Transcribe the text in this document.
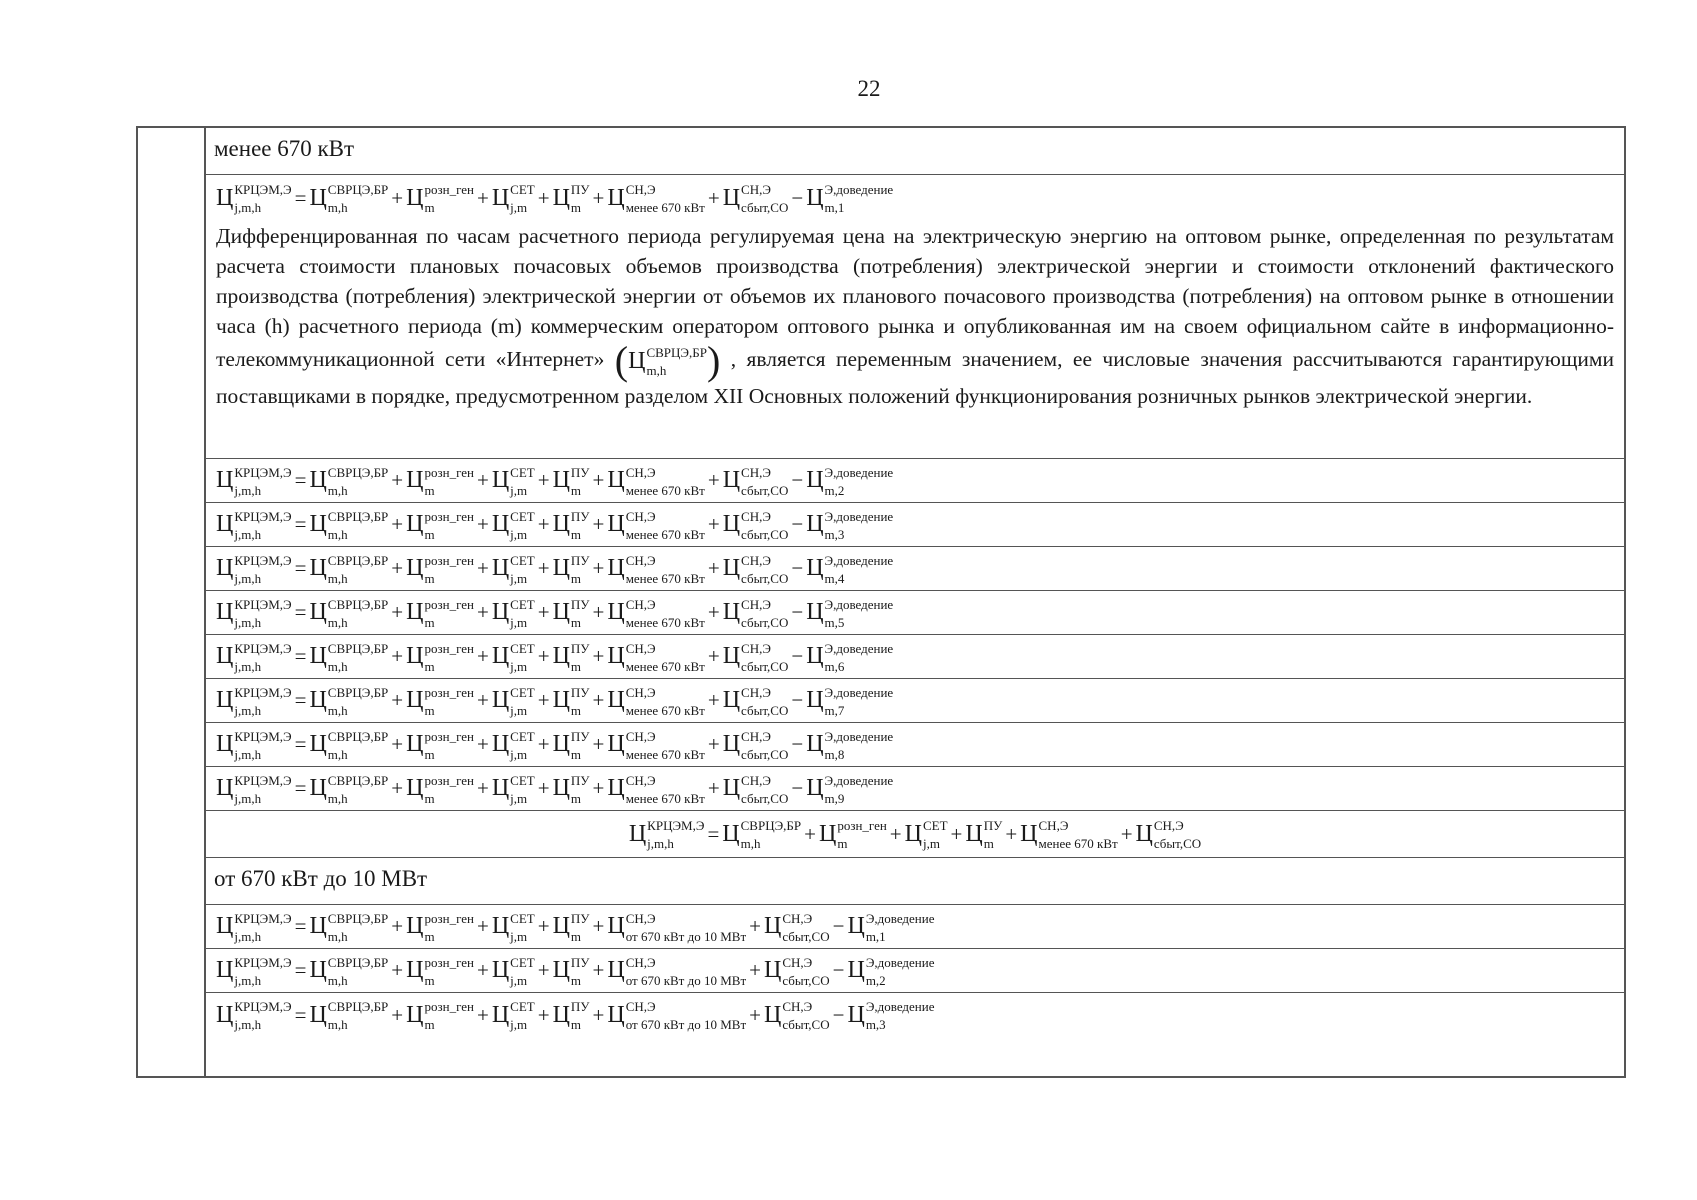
22
менее 670 кВт
Ц КРЦЭМ,Э
j,m,h	= Ц СВРЦЭ,БР
m,h	+ Ц розн_ген
m	+ Ц СЕТ
j,m + Ц ПУ
m + Ц СН,Э
менее 670 кВт + Ц СН,Э
сбыт,СО − Ц Э,доведение
m,1
Дифференцированная по часам расчетного периода регулируемая цена на электрическую энергию на оптовом рынке, определенная по результатам расчета стоимости плановых почасовых объемов производства (потребления) электрической энергии и стоимости отклонений фактического производства (потребления) электрической энергии от объемов их планового почасового производства (потребления) на оптовом рынке в отношении часа (h) расчетного периода (m) коммерческим оператором оптового рынка и опубликованная им на своем официальном сайте в информационно-телекоммуникационной сети «Интернет» ( Ц СВРЦЭ,БР
m,h	) , является переменным значением, ее числовые значения рассчитываются гарантирующими поставщиками в порядке, предусмотренном разделом XII Основных положений функционирования розничных рынков электрической энергии.
Ц КРЦЭМ,Э
j,m,h	= Ц СВРЦЭ,БР
m,h	+ Ц розн_ген
m	+ Ц СЕТ
j,m + Ц ПУ
m + Ц СН,Э
менее 670 кВт + Ц СН,Э
сбыт,СО − Ц Э,доведение
m,2
Ц КРЦЭМ,Э
j,m,h	= Ц СВРЦЭ,БР
m,h	+ Ц розн_ген
m	+ Ц СЕТ
j,m + Ц ПУ
m + Ц СН,Э
менее 670 кВт + Ц СН,Э
сбыт,СО − Ц Э,доведение
m,3
Ц КРЦЭМ,Э
j,m,h	= Ц СВРЦЭ,БР
m,h	+ Ц розн_ген
m	+ Ц СЕТ
j,m + Ц ПУ
m + Ц СН,Э
менее 670 кВт + Ц СН,Э
сбыт,СО − Ц Э,доведение
m,4
Ц КРЦЭМ,Э
j,m,h	= Ц СВРЦЭ,БР
m,h	+ Ц розн_ген
m	+ Ц СЕТ
j,m + Ц ПУ
m + Ц СН,Э
менее 670 кВт + Ц СН,Э
сбыт,СО − Ц Э,доведение
m,5
Ц КРЦЭМ,Э
j,m,h	= Ц СВРЦЭ,БР
m,h	+ Ц розн_ген
m	+ Ц СЕТ
j,m + Ц ПУ
m + Ц СН,Э
менее 670 кВт + Ц СН,Э
сбыт,СО − Ц Э,доведение
m,6
Ц КРЦЭМ,Э
j,m,h	= Ц СВРЦЭ,БР
m,h	+ Ц розн_ген
m	+ Ц СЕТ
j,m + Ц ПУ
m + Ц СН,Э
менее 670 кВт + Ц СН,Э
сбыт,СО − Ц Э,доведение
m,7
Ц КРЦЭМ,Э
j,m,h	= Ц СВРЦЭ,БР
m,h	+ Ц розн_ген
m	+ Ц СЕТ
j,m + Ц ПУ
m + Ц СН,Э
менее 670 кВт + Ц СН,Э
сбыт,СО − Ц Э,доведение
m,8
Ц КРЦЭМ,Э
j,m,h	= Ц СВРЦЭ,БР
m,h	+ Ц розн_ген
m	+ Ц СЕТ
j,m + Ц ПУ
m + Ц СН,Э
менее 670 кВт + Ц СН,Э
сбыт,СО − Ц Э,доведение
m,9
Ц КРЦЭМ,Э
j,m,h	= Ц СВРЦЭ,БР
m,h	+ Ц розн_ген
m	+ Ц СЕТ
j,m + Ц ПУ
m + Ц СН,Э
менее 670 кВт + Ц СН,Э
сбыт,СО
от 670 кВт до 10 МВт
Ц КРЦЭМ,Э
j,m,h	= Ц СВРЦЭ,БР
m,h	+ Ц розн_ген
m	+ Ц СЕТ
j,m + Ц ПУ
m + Ц СН,Э
от 670 кВт до 10 МВт + Ц СН,Э
сбыт,СО − Ц Э,доведение
m,1
Ц КРЦЭМ,Э
j,m,h	= Ц СВРЦЭ,БР
m,h	+ Ц розн_ген
m	+ Ц СЕТ
j,m + Ц ПУ
m + Ц СН,Э
от 670 кВт до 10 МВт + Ц СН,Э
сбыт,СО − Ц Э,доведение
m,2
Ц КРЦЭМ,Э
j,m,h	= Ц СВРЦЭ,БР
m,h	+ Ц розн_ген
m	+ Ц СЕТ
j,m + Ц ПУ
m + Ц СН,Э
от 670 кВт до 10 МВт + Ц СН,Э
сбыт,СО − Ц Э,доведение
m,3
